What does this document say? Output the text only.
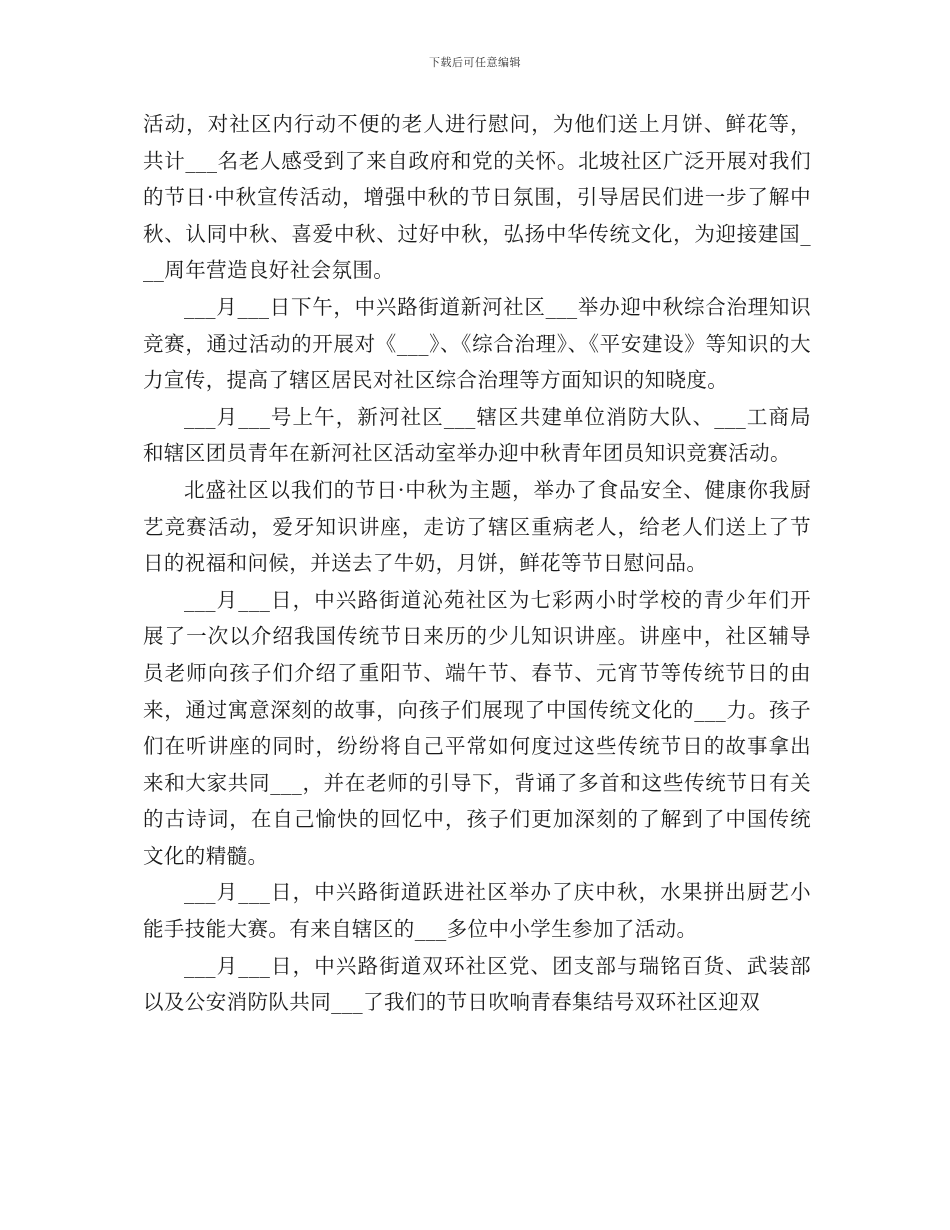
下载后可任意编辑

活动，对社区内行动不便的老人进行慰问，为他们送上月饼、鲜花等，共计___名老人感受到了来自政府和党的关怀。北坡社区广泛开展对我们的节日·中秋宣传活动，增强中秋的节日氛围，引导居民们进一步了解中秋、认同中秋、喜爱中秋、过好中秋，弘扬中华传统文化，为迎接建国___周年营造良好社会氛围。

___月___日下午，中兴路街道新河社区___举办迎中秋综合治理知识竞赛，通过活动的开展对《___》、《综合治理》、《平安建设》等知识的大力宣传，提高了辖区居民对社区综合治理等方面知识的知晓度。

___月___号上午，新河社区___辖区共建单位消防大队、___工商局和辖区团员青年在新河社区活动室举办迎中秋青年团员知识竞赛活动。

北盛社区以我们的节日·中秋为主题，举办了食品安全、健康你我厨艺竞赛活动，爱牙知识讲座，走访了辖区重病老人，给老人们送上了节日的祝福和问候，并送去了牛奶，月饼，鲜花等节日慰问品。

___月___日，中兴路街道沁苑社区为七彩两小时学校的青少年们开展了一次以介绍我国传统节日来历的少儿知识讲座。讲座中，社区辅导员老师向孩子们介绍了重阳节、端午节、春节、元宵节等传统节日的由来，通过寓意深刻的故事，向孩子们展现了中国传统文化的___力。孩子们在听讲座的同时，纷纷将自己平常如何度过这些传统节日的故事拿出来和大家共同___，并在老师的引导下，背诵了多首和这些传统节日有关的古诗词，在自己愉快的回忆中，孩子们更加深刻的了解到了中国传统文化的精髓。

___月___日，中兴路街道跃进社区举办了庆中秋，水果拼出厨艺小能手技能大赛。有来自辖区的___多位中小学生参加了活动。

___月___日，中兴路街道双环社区党、团支部与瑞铭百货、武装部以及公安消防队共同___了我们的节日吹响青春集结号双环社区迎双
